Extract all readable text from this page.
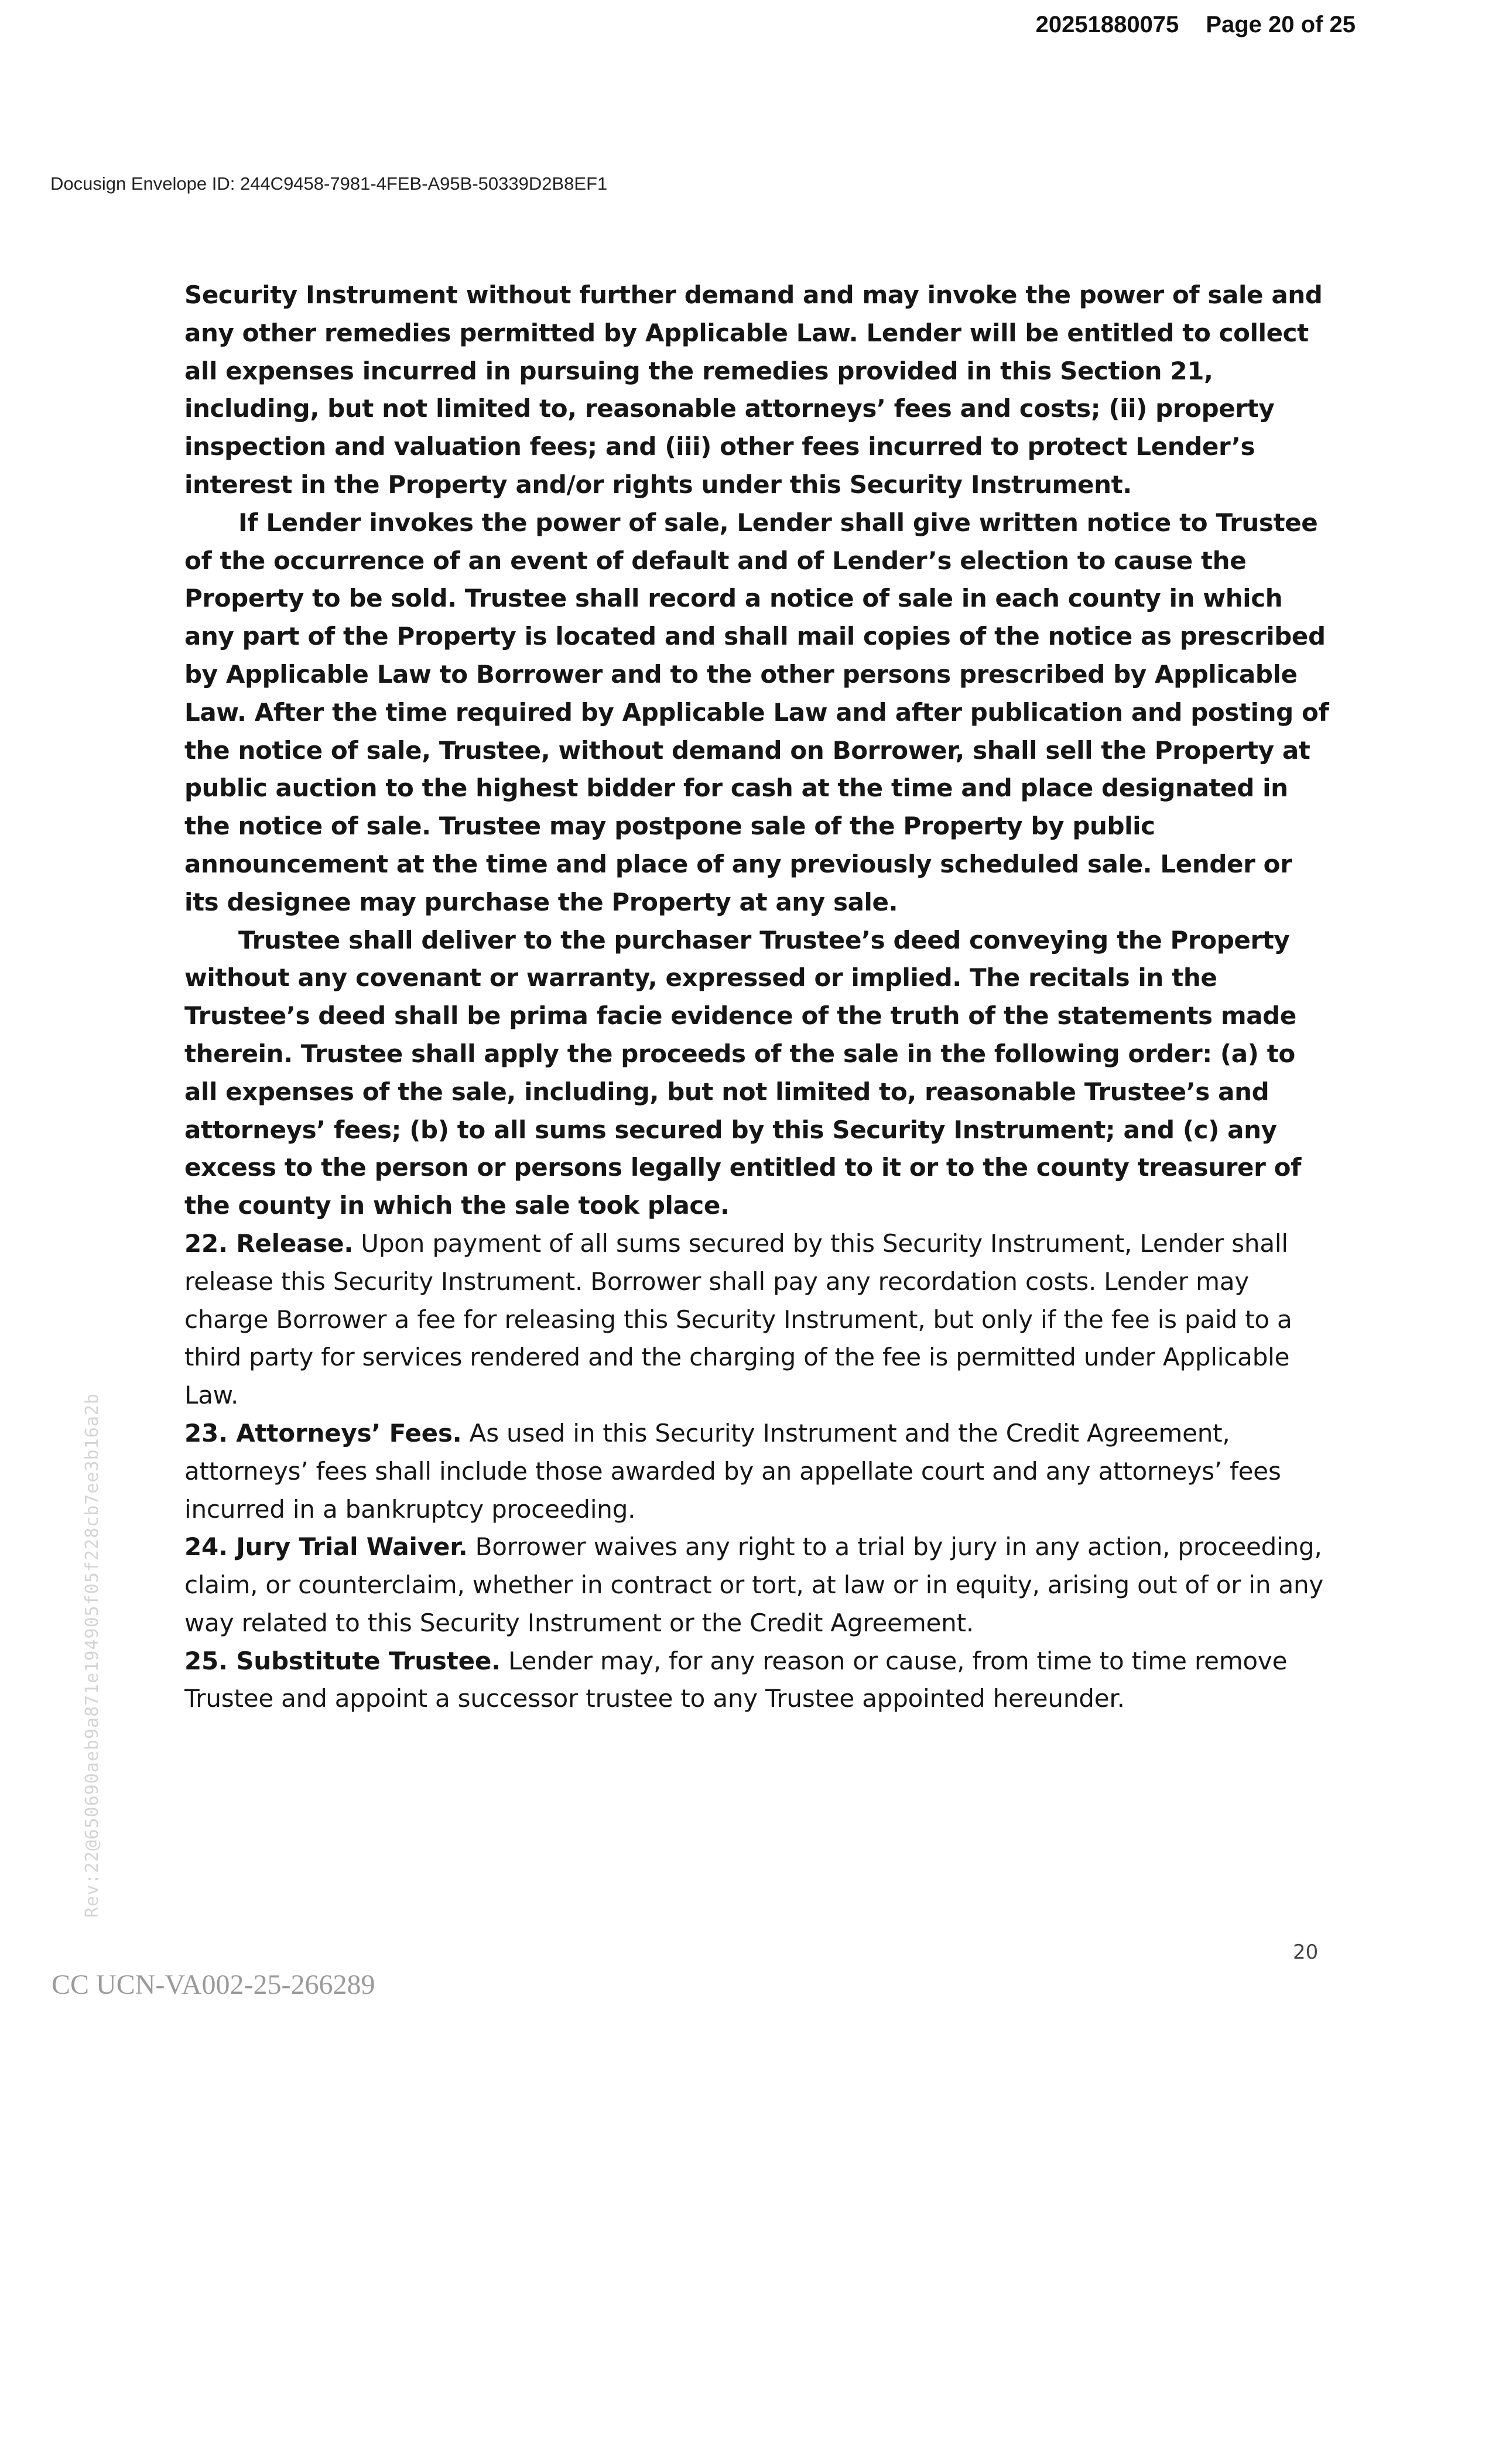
20251880075 Page 20 of 25
Docusign Envelope ID: 244C9458-7981-4FEB-A95B-50339D2B8EF1

Security Instrument without further demand and may invoke the power of sale and any other remedies permitted by Applicable Law. Lender will be entitled to collect all expenses incurred in pursuing the remedies provided in this Section 21, including, but not limited to, reasonable attorneys’ fees and costs; (ii) property inspection and valuation fees; and (iii) other fees incurred to protect Lender’s interest in the Property and/or rights under this Security Instrument.

If Lender invokes the power of sale, Lender shall give written notice to Trustee of the occurrence of an event of default and of Lender’s election to cause the Property to be sold. Trustee shall record a notice of sale in each county in which any part of the Property is located and shall mail copies of the notice as prescribed by Applicable Law to Borrower and to the other persons prescribed by Applicable Law. After the time required by Applicable Law and after publication and posting of the notice of sale, Trustee, without demand on Borrower, shall sell the Property at public auction to the highest bidder for cash at the time and place designated in the notice of sale. Trustee may postpone sale of the Property by public announcement at the time and place of any previously scheduled sale. Lender or its designee may purchase the Property at any sale.

Trustee shall deliver to the purchaser Trustee’s deed conveying the Property without any covenant or warranty, expressed or implied. The recitals in the Trustee’s deed shall be prima facie evidence of the truth of the statements made therein. Trustee shall apply the proceeds of the sale in the following order: (a) to all expenses of the sale, including, but not limited to, reasonable Trustee’s and attorneys’ fees; (b) to all sums secured by this Security Instrument; and (c) any excess to the person or persons legally entitled to it or to the county treasurer of the county in which the sale took place.

22. Release. Upon payment of all sums secured by this Security Instrument, Lender shall release this Security Instrument. Borrower shall pay any recordation costs. Lender may charge Borrower a fee for releasing this Security Instrument, but only if the fee is paid to a third party for services rendered and the charging of the fee is permitted under Applicable Law.

23. Attorneys’ Fees. As used in this Security Instrument and the Credit Agreement, attorneys’ fees shall include those awarded by an appellate court and any attorneys’ fees incurred in a bankruptcy proceeding.

24. Jury Trial Waiver. Borrower waives any right to a trial by jury in any action, proceeding, claim, or counterclaim, whether in contract or tort, at law or in equity, arising out of or in any way related to this Security Instrument or the Credit Agreement.

25. Substitute Trustee. Lender may, for any reason or cause, from time to time remove Trustee and appoint a successor trustee to any Trustee appointed hereunder.

Rev:22@650690aeb9a871e194905f05f228cb7ee3b16a2b
20
CC UCN-VA002-25-266289
